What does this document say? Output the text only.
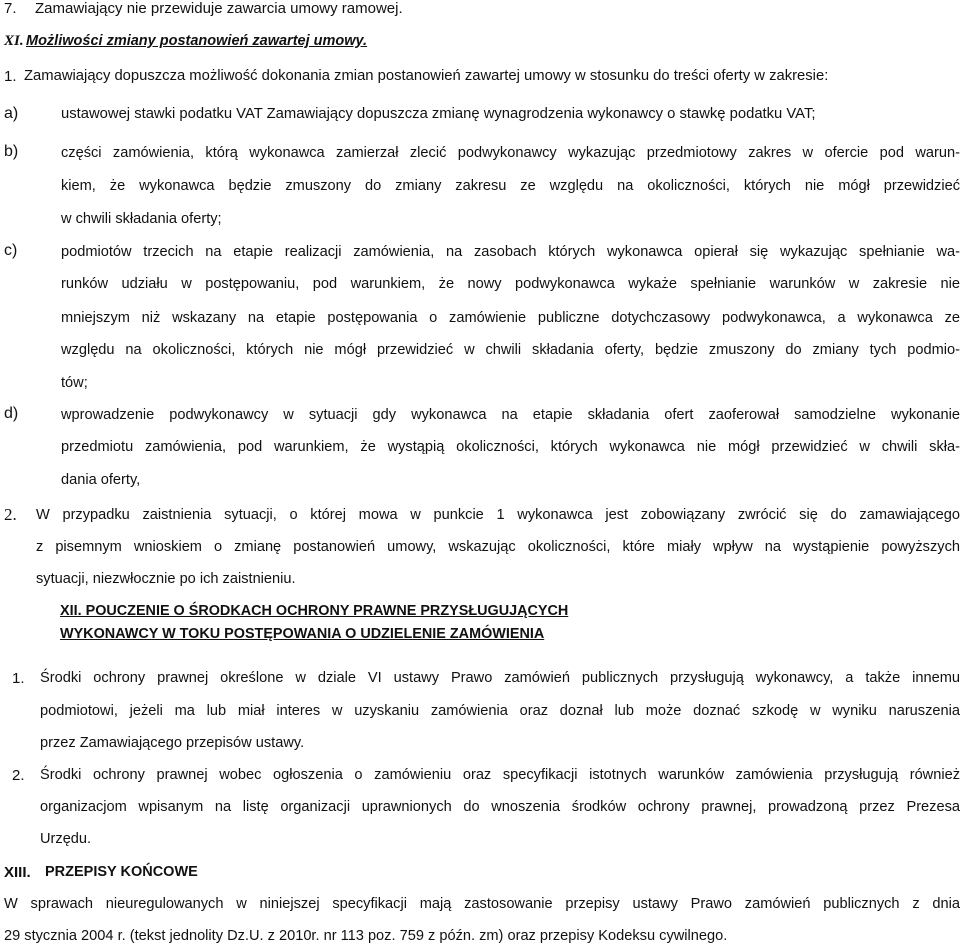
7. Zamawiający nie przewiduje zawarcia umowy ramowej.
XI. Możliwości zmiany postanowień zawartej umowy.
1. Zamawiający dopuszcza możliwość dokonania zmian postanowień zawartej umowy w stosunku do treści oferty w zakresie:
a)	ustawowej stawki podatku VAT Zamawiający dopuszcza zmianę wynagrodzenia wykonawcy o stawkę podatku VAT;
b)	części zamówienia, którą wykonawca zamierzał zlecić podwykonawcy wykazując przedmiotowy zakres w ofercie pod warun-
kiem, że wykonawca będzie zmuszony do zmiany zakresu ze względu na okoliczności, których nie mógł przewidzieć
w chwili składania oferty;
c)	podmiotów trzecich na etapie realizacji zamówienia, na zasobach których wykonawca opierał się wykazując spełnianie wa-
runków udziału w postępowaniu, pod warunkiem, że nowy podwykonawca wykaże spełnianie warunków w zakresie nie
mniejszym niż wskazany na etapie postępowania o zamówienie publiczne dotychczasowy podwykonawca, a wykonawca ze
względu na okoliczności, których nie mógł przewidzieć w chwili składania oferty, będzie zmuszony do zmiany tych podmio-
tów;
d)	wprowadzenie podwykonawcy w sytuacji gdy wykonawca na etapie składania ofert zaoferował samodzielne wykonanie
przedmiotu zamówienia, pod warunkiem, że wystąpią okoliczności, których wykonawca nie mógł przewidzieć w chwili skła-
dania oferty,
2. W przypadku zaistnienia sytuacji, o której mowa w punkcie 1 wykonawca jest zobowiązany zwrócić się do zamawiającego
z pisemnym wnioskiem o zmianę postanowień umowy, wskazując okoliczności, które miały wpływ na wystąpienie powyższych
sytuacji, niezwłocznie po ich zaistnieniu.
XII. POUCZENIE O ŚRODKACH OCHRONY PRAWNE PRZYSŁUGUJĄCYCH
WYKONAWCY W TOKU POSTĘPOWANIA O UDZIELENIE ZAMÓWIENIA
1. Środki ochrony prawnej określone w dziale VI ustawy Prawo zamówień publicznych przysługują wykonawcy, a także innemu
podmiotowi, jeżeli ma lub miał interes w uzyskaniu zamówienia oraz doznał lub może doznać szkodę w wyniku naruszenia
przez Zamawiającego przepisów ustawy.
2. Środki ochrony prawnej wobec ogłoszenia o zamówieniu oraz specyfikacji istotnych warunków zamówienia przysługują również
organizacjom wpisanym na listę organizacji uprawnionych do wnoszenia środków ochrony prawnej, prowadzoną przez Prezesa
Urzędu.
XIII. PRZEPISY KOŃCOWE
W sprawach nieuregulowanych w niniejszej specyfikacji mają zastosowanie przepisy ustawy Prawo zamówień publicznych z dnia
29 stycznia 2004 r. (tekst jednolity Dz.U. z 2010r. nr 113 poz. 759 z późn. zm) oraz przepisy Kodeksu cywilnego.
